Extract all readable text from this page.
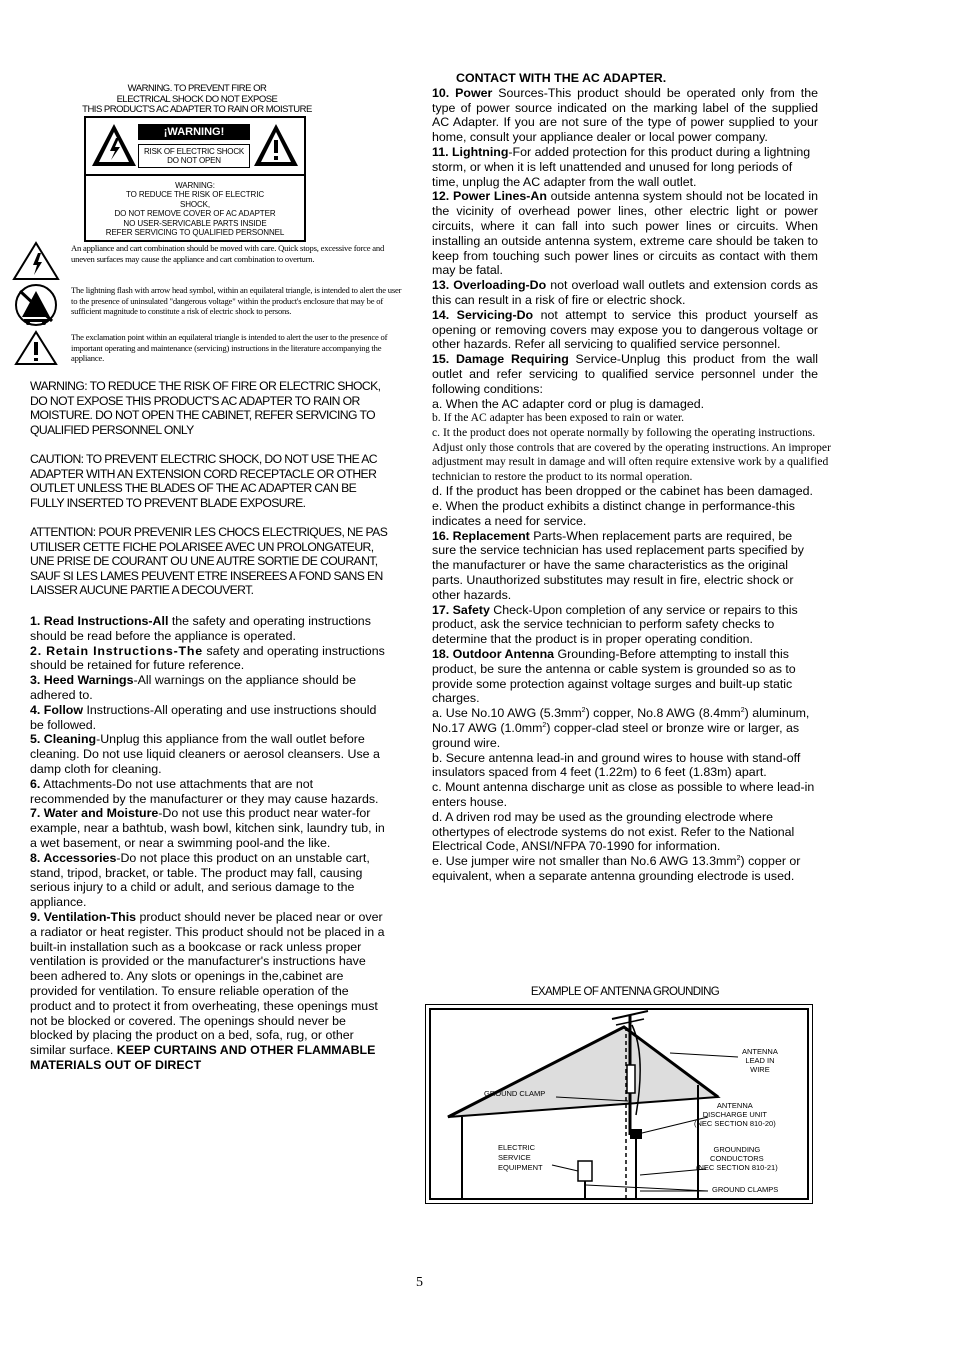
WARNING. TO PREVENT FIRE OR
ELECTRICAL SHOCK DO NOT EXPOSE
THIS PRODUCT'S AC ADAPTER TO RAIN OR MOISTURE
¡WARNING!
RISK OF ELECTRIC SHOCK DO NOT OPEN
WARNING:
TO REDUCE THE RISK OF ELECTRIC
SHOCK,
DO NOT REMOVE COVER OF AC ADAPTER
NO USER-SERVICABLE PARTS INSIDE
REFER SERVICING TO QUALIFIED PERSONNEL
An appliance and cart combination should be moved with care. Quick stops, excessive force and uneven surfaces may cause the appliance and cart combination to overturn.
The lightning flash with arrow head symbol, within an equilateral triangle, is intended to alert the user to the presence of uninsulated "dangerous voltage" within the product's enclosure that may be of sufficient magnitude to constitute a risk of electric shock to persons.
The exclamation point within an equilateral triangle is intended to alert the user to the presence of important operating and maintenance (servicing) instructions in the literature accompanying the appliance.

WARNING: TO REDUCE THE RISK OF FIRE OR ELECTRIC SHOCK, DO NOT EXPOSE THIS PRODUCT'S AC ADAPTER TO RAIN OR MOISTURE. DO NOT OPEN THE CABINET, REFER SERVICING TO QUALIFIED PERSONNEL ONLY

CAUTION: TO PREVENT ELECTRIC SHOCK, DO NOT USE THE AC ADAPTER WITH AN EXTENSION CORD RECEPTACLE OR OTHER OUTLET UNLESS THE BLADES OF THE AC ADAPTER CAN BE FULLY INSERTED TO PREVENT BLADE EXPOSURE.

ATTENTION: POUR PREVENIR LES CHOCS ELECTRIQUES, NE PAS UTILISER CETTE FICHE POLARISEE AVEC UN PROLONGATEUR, UNE PRISE DE COURANT OU UNE AUTRE SORTIE DE COURANT, SAUF SI LES LAMES PEUVENT ETRE INSEREES A FOND SANS EN LAISSER AUCUNE PARTIE A DECOUVERT.

1. Read Instructions-All the safety and operating instructions should be read before the appliance is operated.

2. Retain Instructions-The safety and operating instructions should be retained for future reference.

3. Heed Warnings-All warnings on the appliance should be adhered to.

4. Follow Instructions-All operating and use instructions should be followed.

5. Cleaning-Unplug this appliance from the wall outlet before cleaning. Do not use liquid cleaners or aerosol cleansers. Use a damp cloth for cleaning.

6. Attachments-Do not use attachments that are not recommended by the manufacturer or they may cause hazards.

7. Water and Moisture-Do not use this product near water-for example, near a bathtub, wash bowl, kitchen sink, laundry tub, in a wet basement, or near a swimming pool-and the like.

8. Accessories-Do not place this product on an unstable cart, stand, tripod, bracket, or table. The product may fall, causing serious injury to a child or adult, and serious damage to the appliance.

9. Ventilation-This product should never be placed near or over a radiator or heat register. This product should not be placed in a built-in installation such as a bookcase or rack unless proper ventilation is provided or the manufacturer's instructions have been adhered to. Any slots or openings in the,cabinet are provided for ventilation. To ensure reliable operation of the product and to protect it from overheating, these openings must not be blocked or covered. The openings should never be blocked by placing the product on a bed, sofa, rug, or other similar surface. KEEP CURTAINS AND OTHER FLAMMABLE MATERIALS OUT OF DIRECT

CONTACT WITH THE AC ADAPTER.

10. Power Sources-This product should be operated only from the type of power source indicated on the marking label of the supplied AC Adapter. If you are not sure of the type of power supplied to your home, consult your appliance dealer or local power company.

11. Lightning-For added protection for this product during a lightning storm, or when it is left unattended and unused for long periods of time, unplug the AC adapter from the wall outlet.

12. Power Lines-An outside antenna system should not be located in the vicinity of overhead power lines, other electric light or power circuits, where it can fall into such power lines or circuits. When installing an outside antenna system, extreme care should be taken to keep from touching such power lines or circuits as contact with them may be fatal.

13. Overloading-Do not overload wall outlets and extension cords as this can result in a risk of fire or electric shock.

14. Servicing-Do not attempt to service this product yourself as opening or removing covers may expose you to dangerous voltage or other hazards. Refer all servicing to qualified service personnel.

15. Damage Requiring Service-Unplug this product from the wall outlet and refer servicing to qualified service personnel under the following conditions:

a. When the AC adapter cord or plug is damaged.

b. If the AC adapter has been exposed to rain or water.

c. It the product does not operate normally by following the operating instructions. Adjust only those controls that are covered by the operating instructions. An improper adjustment may result in damage and will often require extensive work by a qualified technician to restore the product to its normal operation.

d. If the product has been dropped or the cabinet has been damaged.

e. When the product exhibits a distinct change in performance-this indicates a need for service.

16. Replacement Parts-When replacement parts are required, be sure the service technician has used replacement parts specified by the manufacturer or have the same characteristics as the original parts. Unauthorized substitutes may result in fire, electric shock or other hazards.

17. Safety Check-Upon completion of any service or repairs to this product, ask the service technician to perform safety checks to determine that the product is in proper operating condition.

18. Outdoor Antenna Grounding-Before attempting to install this product, be sure the antenna or cable system is grounded so as to provide some protection against voltage surges and built-up static charges.

a. Use No.10 AWG $(5.3mm^2)$ copper, No.8 AWG $(8.4mm^2)$ aluminum, No.17 AWG $(1.0mm^2)$ copper-clad steel or bronze wire or larger, as ground wire.

b. Secure antenna lead-in and ground wires to house with stand-off insulators spaced from 4 feet (1.22m) to 6 feet (1.83m) apart.

c. Mount antenna discharge unit as close as possible to where lead-in enters house.

d. A driven rod may be used as the grounding electrode where othertypes of electrode systems do not exist. Refer to the National Electrical Code, ANSI/NFPA 70-1990 for information.

e. Use jumper wire not smaller than No.6 AWG $13.3mm^2$) copper or equivalent, when a separate antenna grounding electrode is used.

EXAMPLE OF ANTENNA GROUNDING
ANTENNA
LEAD IN
WIRE
GROUND CLAMP
ANTENNA
DISCHARGE UNIT
(NEC SECTION 810-20)
ELECTRIC
SERVICE
EQUIPMENT
GROUNDING
CONDUCTORS
(NEC SECTION 810-21)
GROUND CLAMPS
5
